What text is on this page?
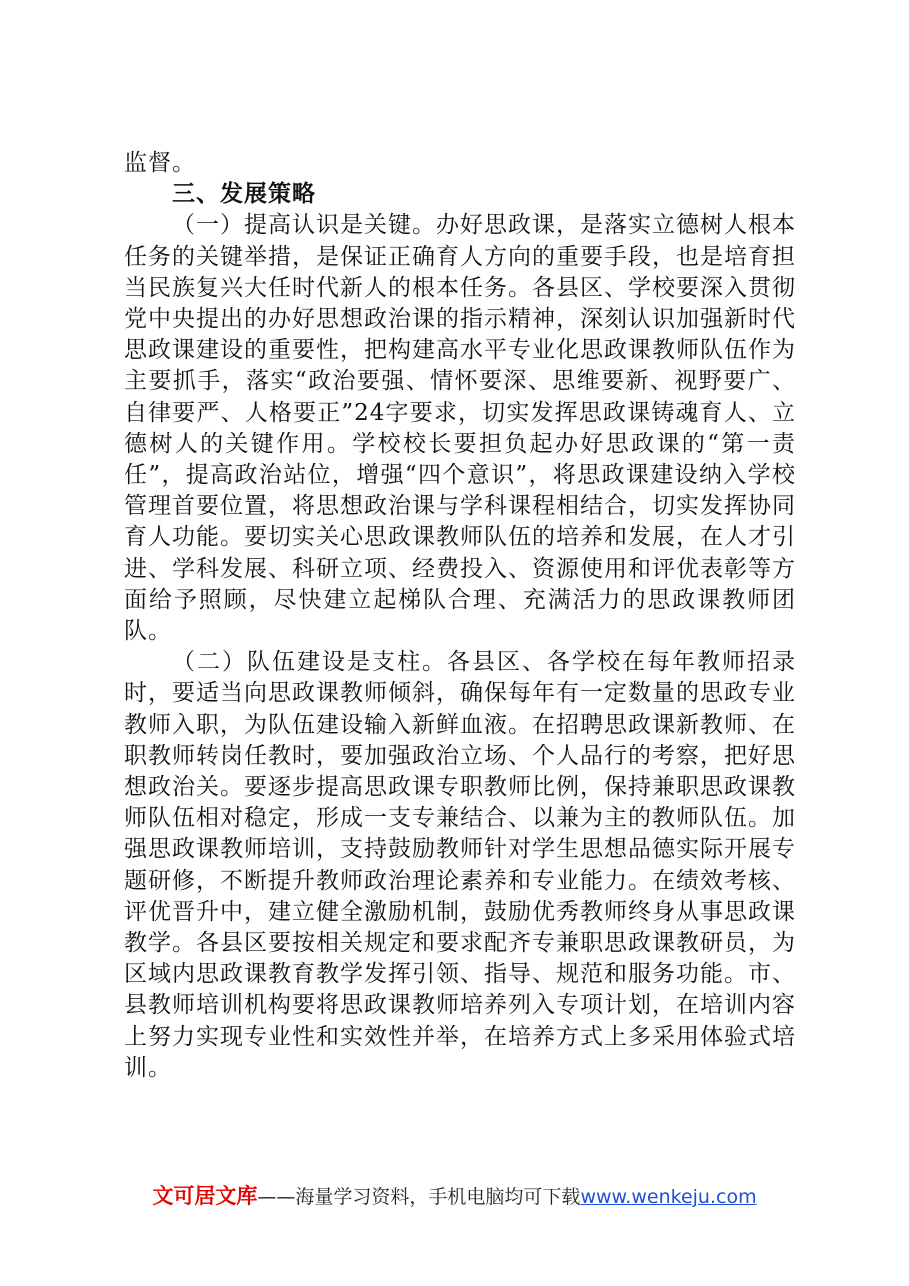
监督。

三、发展策略

（一）提高认识是关键。办好思政课，是落实立德树人根本任务的关键举措，是保证正确育人方向的重要手段，也是培育担当民族复兴大任时代新人的根本任务。各县区、学校要深入贯彻党中央提出的办好思想政治课的指示精神，深刻认识加强新时代思政课建设的重要性，把构建高水平专业化思政课教师队伍作为主要抓手，落实“政治要强、情怀要深、思维要新、视野要广、自律要严、人格要正”24字要求，切实发挥思政课铸魂育人、立德树人的关键作用。学校校长要担负起办好思政课的“第一责任”，提高政治站位，增强“四个意识”，将思政课建设纳入学校管理首要位置，将思想政治课与学科课程相结合，切实发挥协同育人功能。要切实关心思政课教师队伍的培养和发展，在人才引进、学科发展、科研立项、经费投入、资源使用和评优表彰等方面给予照顾，尽快建立起梯队合理、充满活力的思政课教师团队。

（二）队伍建设是支柱。各县区、各学校在每年教师招录时，要适当向思政课教师倾斜，确保每年有一定数量的思政专业教师入职，为队伍建设输入新鲜血液。在招聘思政课新教师、在职教师转岗任教时，要加强政治立场、个人品行的考察，把好思想政治关。要逐步提高思政课专职教师比例，保持兼职思政课教师队伍相对稳定，形成一支专兼结合、以兼为主的教师队伍。加强思政课教师培训，支持鼓励教师针对学生思想品德实际开展专题研修，不断提升教师政治理论素养和专业能力。在绩效考核、评优晋升中，建立健全激励机制，鼓励优秀教师终身从事思政课教学。各县区要按相关规定和要求配齐专兼职思政课教研员，为区域内思政课教育教学发挥引领、指导、规范和服务功能。市、县教师培训机构要将思政课教师培养列入专项计划，在培训内容上努力实现专业性和实效性并举，在培养方式上多采用体验式培训。

文可居文库——海量学习资料，手机电脑均可下载www.wenkeju.com
